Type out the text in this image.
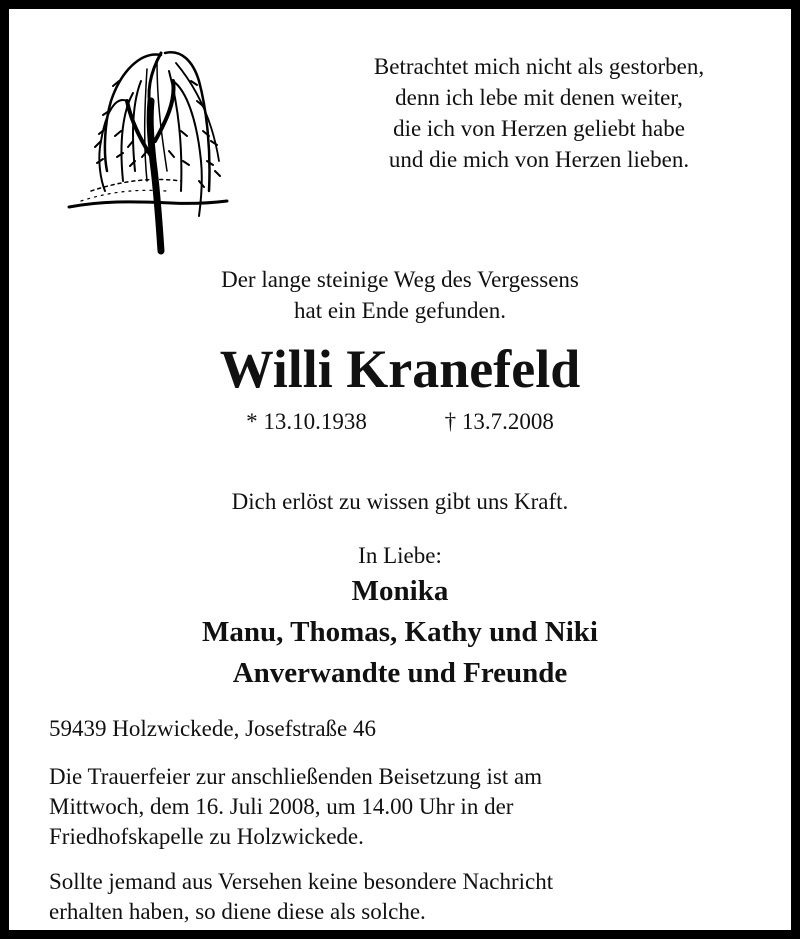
Betrachtet mich nicht als gestorben,
denn ich lebe mit denen weiter,
die ich von Herzen geliebt habe
und die mich von Herzen lieben.
Der lange steinige Weg des Vergessens
hat ein Ende gefunden.
Willi Kranefeld
* 13.10.1938	† 13.7.2008
Dich erlöst zu wissen gibt uns Kraft.
In Liebe:
Monika
Manu, Thomas, Kathy und Niki
Anverwandte und Freunde
59439 Holzwickede, Josefstraße 46
Die Trauerfeier zur anschließenden Beisetzung ist am
Mittwoch, dem 16. Juli 2008, um 14.00 Uhr in der
Friedhofskapelle zu Holzwickede.
Sollte jemand aus Versehen keine besondere Nachricht
erhalten haben, so diene diese als solche.
